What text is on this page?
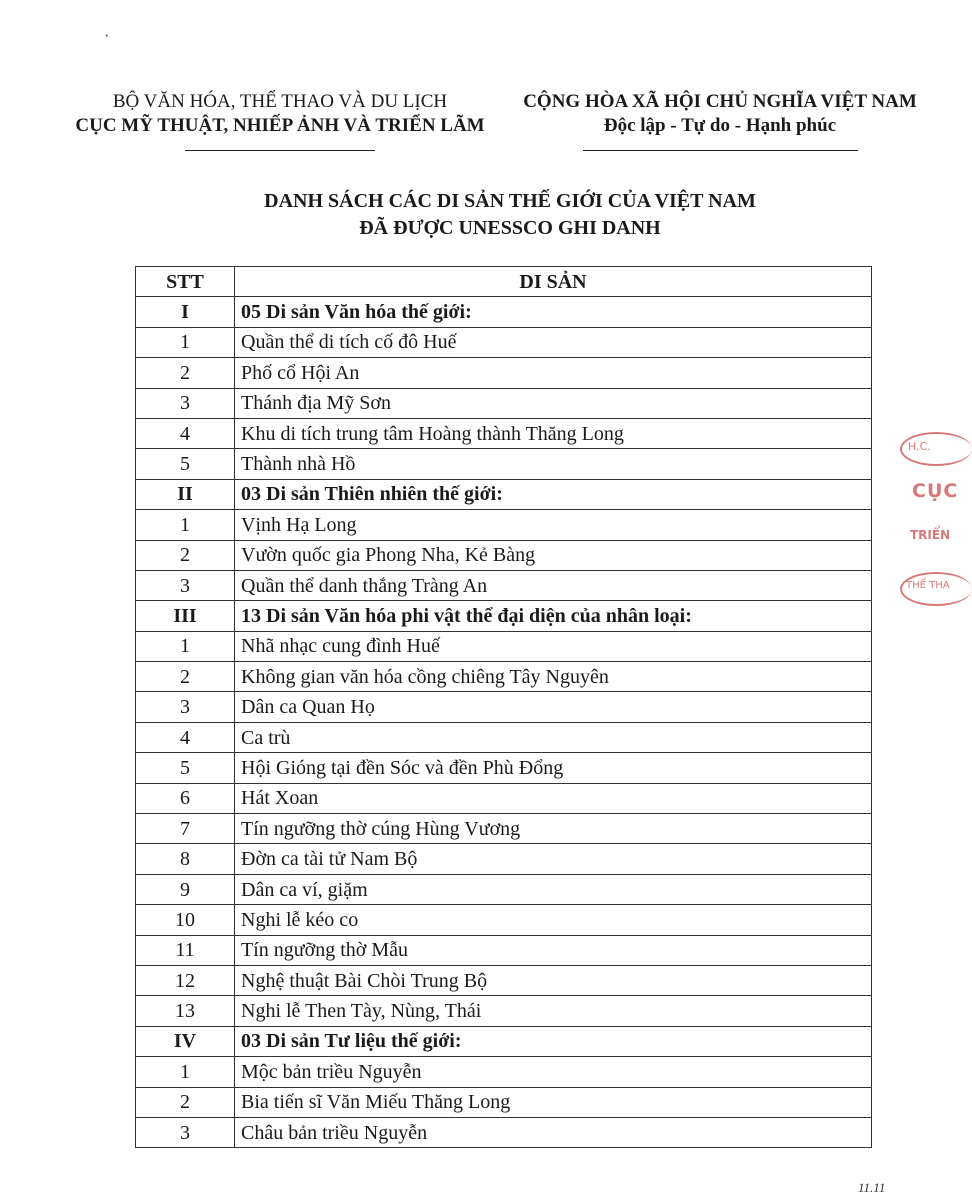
·
BỘ VĂN HÓA, THỂ THAO VÀ DU LỊCH
CỤC MỸ THUẬT, NHIẾP ẢNH VÀ TRIỂN LÃM
CỘNG HÒA XÃ HỘI CHỦ NGHĨA VIỆT NAM
Độc lập - Tự do - Hạnh phúc
DANH SÁCH CÁC DI SẢN THẾ GIỚI CỦA VIỆT NAM
ĐÃ ĐƯỢC UNESSCO GHI DANH
STT	DI SẢN
I	05 Di sản Văn hóa thế giới:
1	Quần thể di tích cố đô Huế
2	Phố cổ Hội An
3	Thánh địa Mỹ Sơn
4	Khu di tích trung tâm Hoàng thành Thăng Long
5	Thành nhà Hồ
II	03 Di sản Thiên nhiên thế giới:
1	Vịnh Hạ Long
2	Vườn quốc gia Phong Nha, Kẻ Bàng
3	Quần thể danh thắng Tràng An
III	13 Di sản Văn hóa phi vật thể đại diện của nhân loại:
1	Nhã nhạc cung đình Huế
2	Không gian văn hóa cồng chiêng Tây Nguyên
3	Dân ca Quan Họ
4	Ca trù
5	Hội Gióng tại đền Sóc và đền Phù Đổng
6	Hát Xoan
7	Tín ngưỡng thờ cúng Hùng Vương
8	Đờn ca tài tử Nam Bộ
9	Dân ca ví, giặm
10	Nghi lễ kéo co
11	Tín ngưỡng thờ Mẫu
12	Nghệ thuật Bài Chòi Trung Bộ
13	Nghi lễ Then Tày, Nùng, Thái
IV	03 Di sản Tư liệu thế giới:
1	Mộc bản triều Nguyễn
2	Bia tiến sĩ Văn Miếu Thăng Long
3	Châu bản triều Nguyễn
H.C.
CỤC
TRIỂN
THỂ THA
11.11
